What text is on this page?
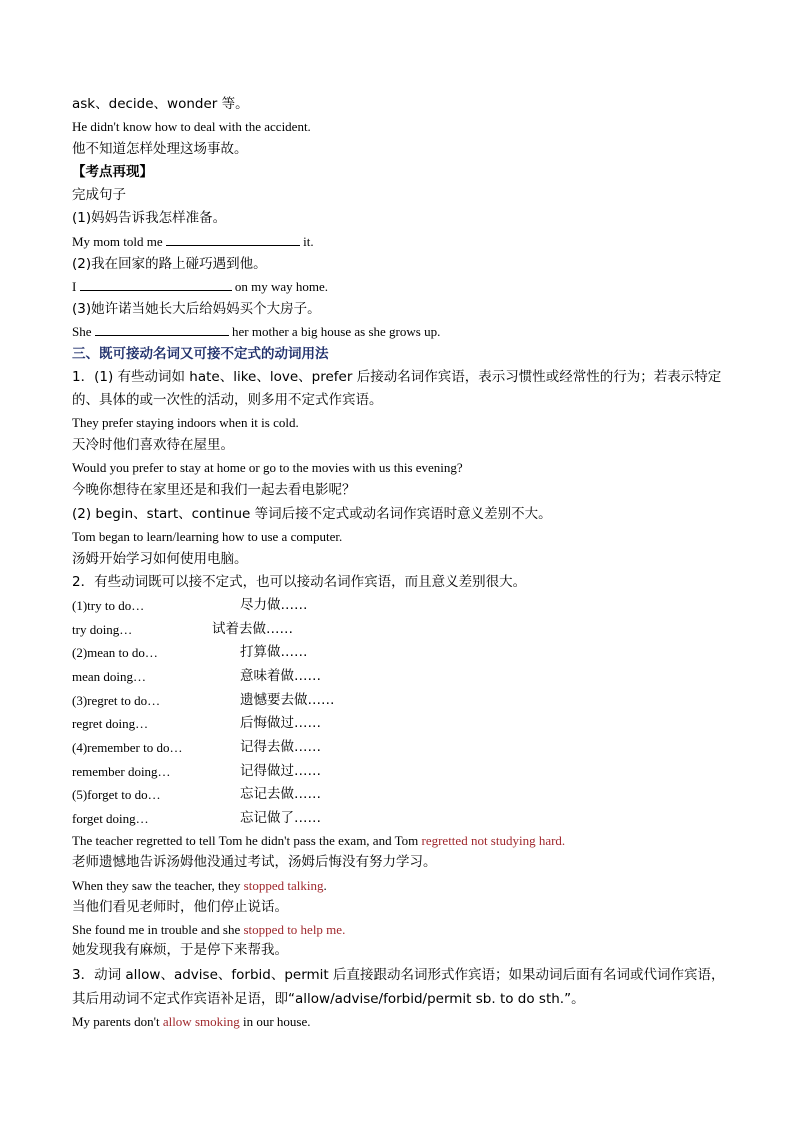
ask、decide、wonder 等。
He didn't know how to deal with the accident.
他不知道怎样处理这场事故。
【考点再现】
完成句子
(1)妈妈告诉我怎样准备。
My mom told me	it.
(2)我在回家的路上碰巧遇到他。
I	on my way home.
(3)她许诺当她长大后给妈妈买个大房子。
She	her mother a big house as she grows up.
三、既可接动名词又可接不定式的动词用法
1．(1) 有些动词如 hate、like、love、prefer 后接动名词作宾语，表示习惯性或经常性的行为；若表示特定
的、具体的或一次性的活动，则多用不定式作宾语。
They prefer staying indoors when it is cold.
天冷时他们喜欢待在屋里。
Would you prefer to stay at home or go to the movies with us this evening?
今晚你想待在家里还是和我们一起去看电影呢？
(2) begin、start、continue 等词后接不定式或动名词作宾语时意义差别不大。
Tom began to learn/learning how to use a computer.
汤姆开始学习如何使用电脑。
2．有些动词既可以接不定式，也可以接动名词作宾语，而且意义差别很大。
(1)try to do…	尽力做……
try doing…	试着去做……
(2)mean to do…	打算做……
mean doing…	意味着做……
(3)regret to do…	遗憾要去做……
regret doing…	后悔做过……
(4)remember to do…	记得去做……
remember doing…	记得做过……
(5)forget to do…	忘记去做……
forget doing…	忘记做了……
The teacher regretted to tell Tom he didn't pass the exam, and Tom regretted not studying hard.
老师遗憾地告诉汤姆他没通过考试，汤姆后悔没有努力学习。
When they saw the teacher, they stopped talking.
当他们看见老师时，他们停止说话。
She found me in trouble and she stopped to help me.
她发现我有麻烦，于是停下来帮我。
3．动词 allow、advise、forbid、permit 后直接跟动名词形式作宾语；如果动词后面有名词或代词作宾语，
其后用动词不定式作宾语补足语，即“allow/advise/forbid/permit sb. to do sth.”。
My parents don't allow smoking in our house.
